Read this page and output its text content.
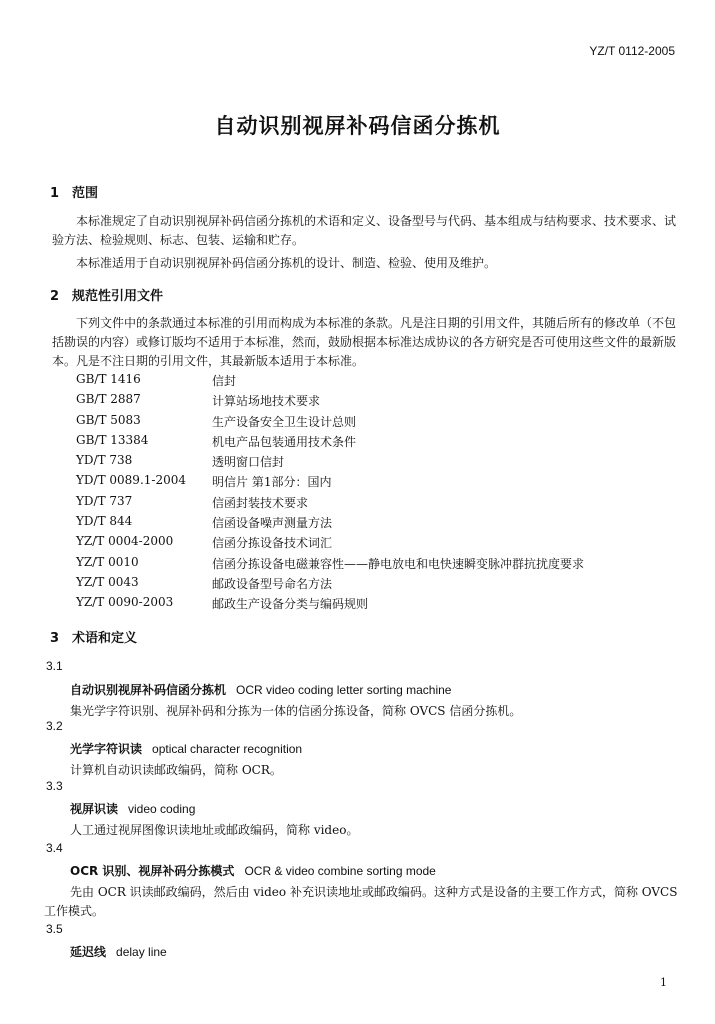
YZ/T 0112-2005
自动识别视屏补码信函分拣机
1 范围
本标准规定了自动识别视屏补码信函分拣机的术语和定义、设备型号与代码、基本组成与结构要求、技术要求、试验方法、检验规则、标志、包装、运输和贮存。
本标准适用于自动识别视屏补码信函分拣机的设计、制造、检验、使用及维护。
2 规范性引用文件
下列文件中的条款通过本标准的引用而构成为本标准的条款。凡是注日期的引用文件，其随后所有的修改单（不包括勘误的内容）或修订版均不适用于本标准，然而，鼓励根据本标准达成协议的各方研究是否可使用这些文件的最新版本。凡是不注日期的引用文件，其最新版本适用于本标准。
GB/T 1416	信封
GB/T 2887	计算站场地技术要求
GB/T 5083	生产设备安全卫生设计总则
GB/T 13384	机电产品包装通用技术条件
YD/T 738	透明窗口信封
YD/T 0089.1-2004 明信片 第1部分：国内
YD/T 737	信函封装技术要求
YD/T 844	信函设备噪声测量方法
YZ/T 0004-2000	信函分拣设备技术词汇
YZ/T 0010	信函分拣设备电磁兼容性——静电放电和电快速瞬变脉冲群抗扰度要求
YZ/T 0043	邮政设备型号命名方法
YZ/T 0090-2003	邮政生产设备分类与编码规则
3 术语和定义
3.1
自动识别视屏补码信函分拣机 OCR video coding letter sorting machine
集光学字符识别、视屏补码和分拣为一体的信函分拣设备，简称 OVCS 信函分拣机。
3.2
光学字符识读 optical character recognition
计算机自动识读邮政编码，简称 OCR。
3.3
视屏识读 video coding
人工通过视屏图像识读地址或邮政编码，简称 video。
3.4
OCR 识别、视屏补码分拣模式 OCR & video combine sorting mode
先由 OCR 识读邮政编码，然后由 video 补充识读地址或邮政编码。这种方式是设备的主要工作方式，简称 OVCS 工作模式。
3.5
延迟线 delay line
1
